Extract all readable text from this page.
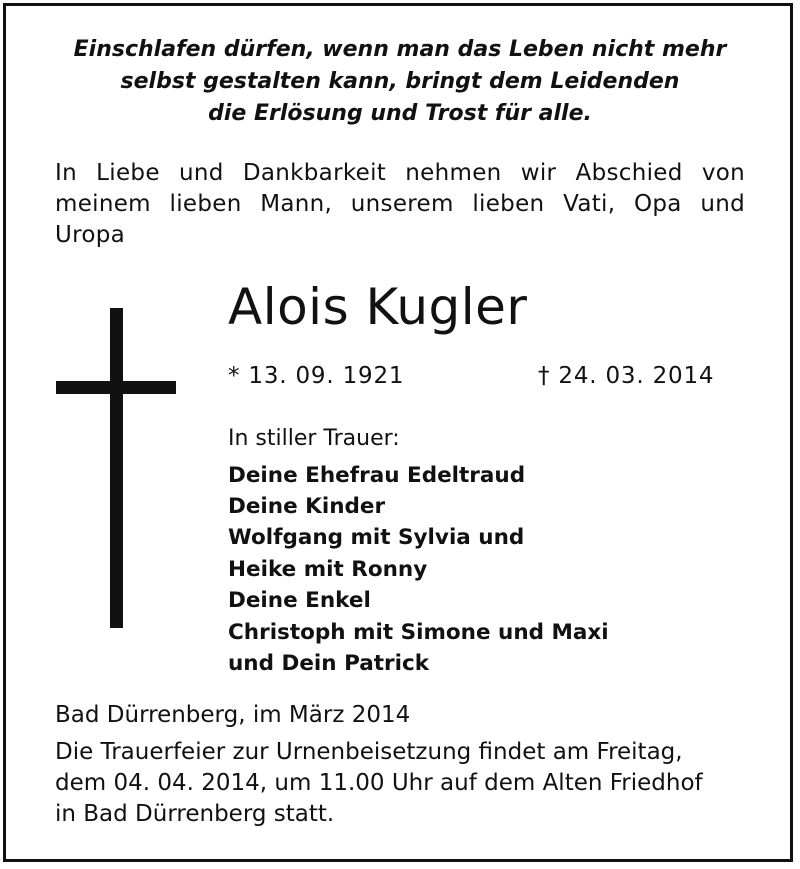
Einschlafen dürfen, wenn man das Leben nicht mehr
selbst gestalten kann, bringt dem Leidenden
die Erlösung und Trost für alle.
In Liebe und Dankbarkeit nehmen wir Abschied von
meinem lieben Mann, unserem lieben Vati, Opa und
Uropa
Alois Kugler
* 13. 09. 1921	† 24. 03. 2014
In stiller Trauer:
Deine Ehefrau Edeltraud
Deine Kinder
Wolfgang mit Sylvia und
Heike mit Ronny
Deine Enkel
Christoph mit Simone und Maxi
und Dein Patrick
Bad Dürrenberg, im März 2014
Die Trauerfeier zur Urnenbeisetzung findet am Freitag,
dem 04. 04. 2014, um 11.00 Uhr auf dem Alten Friedhof
in Bad Dürrenberg statt.
